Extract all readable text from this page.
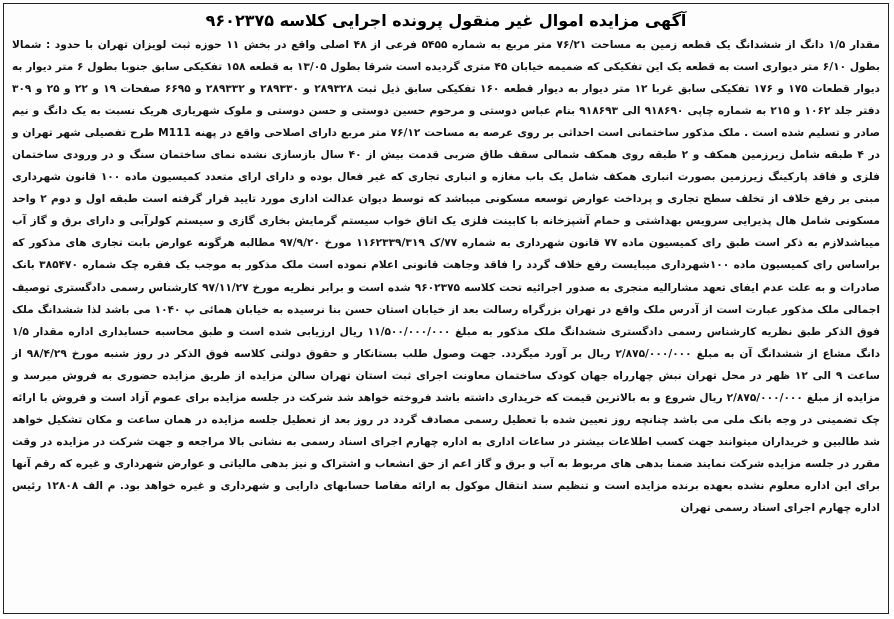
آگهی مزایده اموال غیر منقول پرونده اجرایی کلاسه ۹۶۰۲۳۷۵
مقدار ۱/۵ دانگ از ششدانگ یک قطعه زمین به مساحت ۷۶/۲۱ متر مربع به شماره ۵۴۵۵ فرعی از ۴۸ اصلی واقع در بخش ۱۱ حوزه ثبت لویزان تهران با حدود : شمالا بطول ۶/۱۰ متر دیواری است به قطعه یک این تفکیکی که ضمیمه خیابان ۴۵ متری گردیده است شرقا بطول ۱۳/۰۵ به قطعه ۱۵۸ تفکیکی سابق جنوبا بطول ۶ متر دیوار به دیوار قطعات ۱۷۵ و ۱۷۶ تفکیکی سابق غربا ۱۲ متر دیوار به دیوار قطعه ۱۶۰ تفکیکی سابق ذیل ثبت ۲۸۹۳۲۸ و ۲۸۹۳۳۰ و ۲۸۹۳۳۲ و ۶۶۹۵ صفحات ۱۹ و ۲۲ و ۲۵ و ۳۰۹ دفتر جلد ۱۰۶۲ و ۲۱۵ به شماره چاپی ۹۱۸۶۹۰ الی ۹۱۸۶۹۳ بنام عباس دوستی و مرحوم حسین دوستی و حسن دوستی و ملوک شهریاری هریک نسبت به یک دانگ و نیم صادر و تسلیم شده است . ملک مذکور ساختمانی است احداثی بر روی عرصه به مساحت ۷۶/۱۲ متر مربع دارای اصلاحی واقع در پهنه M111 طرح تفصیلی شهر تهران و در ۴ طبقه شامل زیرزمین همکف و ۲ طبقه روی همکف شمالی سقف طاق ضربی قدمت بیش از ۴۰ سال بازسازی نشده نمای ساختمان سنگ و در ورودی ساختمان فلزی و فاقد پارکینگ زیرزمین بصورت انباری همکف شامل یک باب مغازه و انباری تجاری که غیر فعال بوده و دارای ارای متعدد کمیسیون ماده ۱۰۰ قانون شهرداری مبنی بر رفع خلاف از تخلف سطح تجاری و پرداخت عوارض توسعه مسکونی میباشد که توسط دیوان عدالت اداری مورد تایید قرار گرفته است طبقه اول و دوم ۲ واحد مسکونی شامل هال پذیرایی سرویس بهداشتی و حمام آشپزخانه با کابینت فلزی یک اتاق خواب سیستم گرمایش بخاری گازی و سیستم کولرآبی و دارای برق و گاز آب میباشدلازم به ذکر است طبق رای کمیسیون ماده ۷۷ قانون شهرداری به شماره ۷۷/ک ۱۱۶۲۳۳۹/۳۱۹ مورخ ۹۷/۹/۲۰ مطالبه هرگونه عوارض بابت تجاری های مذکور که براساس رای کمیسیون ماده ۱۰۰شهرداری میبایست رفع خلاف گردد را فاقد وجاهت قانونی اعلام نموده است ملک مذکور به موجب یک فقره چک شماره ۳۸۵۴۷۰ بانک صادرات و به علت عدم ایفای تعهد مشارالیه منجری به صدور اجرائیه تحت کلاسه ۹۶۰۲۳۷۵ شده است و برابر نظریه مورخ ۹۷/۱۱/۲۷ کارشناس رسمی دادگستری توصیف اجمالی ملک مذکور عبارت است از آدرس ملک واقع در تهران بزرگراه رسالت بعد از خیابان استان حسن بنا نرسیده به خیابان همائی پ ۱۰۴۰ می باشد لذا ششدانگ ملک فوق الذکر طبق نظریه کارشناس رسمی دادگستری ششدانگ ملک مذکور به مبلغ ۱۱/۵۰۰/۰۰۰/۰۰۰ ریال ارزیابی شده است و طبق محاسبه حسابداری اداره مقدار ۱/۵ دانگ مشاع از ششدانگ آن به مبلغ ۲/۸۷۵/۰۰۰/۰۰۰ ریال بر آورد میگردد. جهت وصول طلب بستانکار و حقوق دولتی کلاسه فوق الذکر در روز شنبه مورخ ۹۸/۴/۲۹ از ساعت ۹ الی ۱۲ ظهر در محل تهران نبش چهارراه جهان کودک ساختمان معاونت اجرای ثبت استان تهران سالن مزایده از طریق مزایده حضوری به فروش میرسد و مزایده از مبلغ ۲/۸۷۵/۰۰۰/۰۰۰ ریال شروع و به بالاترین قیمت که خریداری داشته باشد فروخته خواهد شد شرکت در جلسه مزایده برای عموم آزاد است و فروش با ارائه چک تضمینی در وجه بانک ملی می باشد چنانچه روز تعیین شده با تعطیل رسمی مصادف گردد در روز بعد از تعطیل جلسه مزایده در همان ساعت و مکان تشکیل خواهد شد طالبین و خریداران میتوانند جهت کسب اطلاعات بیشتر در ساعات اداری به اداره چهارم اجرای اسناد رسمی به نشانی بالا مراجعه و جهت شرکت در مزایده در وقت مقرر در جلسه مزایده شرکت نمایند ضمنا بدهی های مربوط به آب و برق و گاز اعم از حق انشعاب و اشتراک و نیز بدهی مالیاتی و عوارض شهرداری و غیره که رقم آنها برای این اداره معلوم نشده بعهده برنده مزایده است و تنظیم سند انتقال موکول به ارائه مفاصا حسابهای دارایی و شهرداری و غیره خواهد بود. م الف ۱۲۸۰۸ رئیس اداره چهارم اجرای اسناد رسمی تهران
